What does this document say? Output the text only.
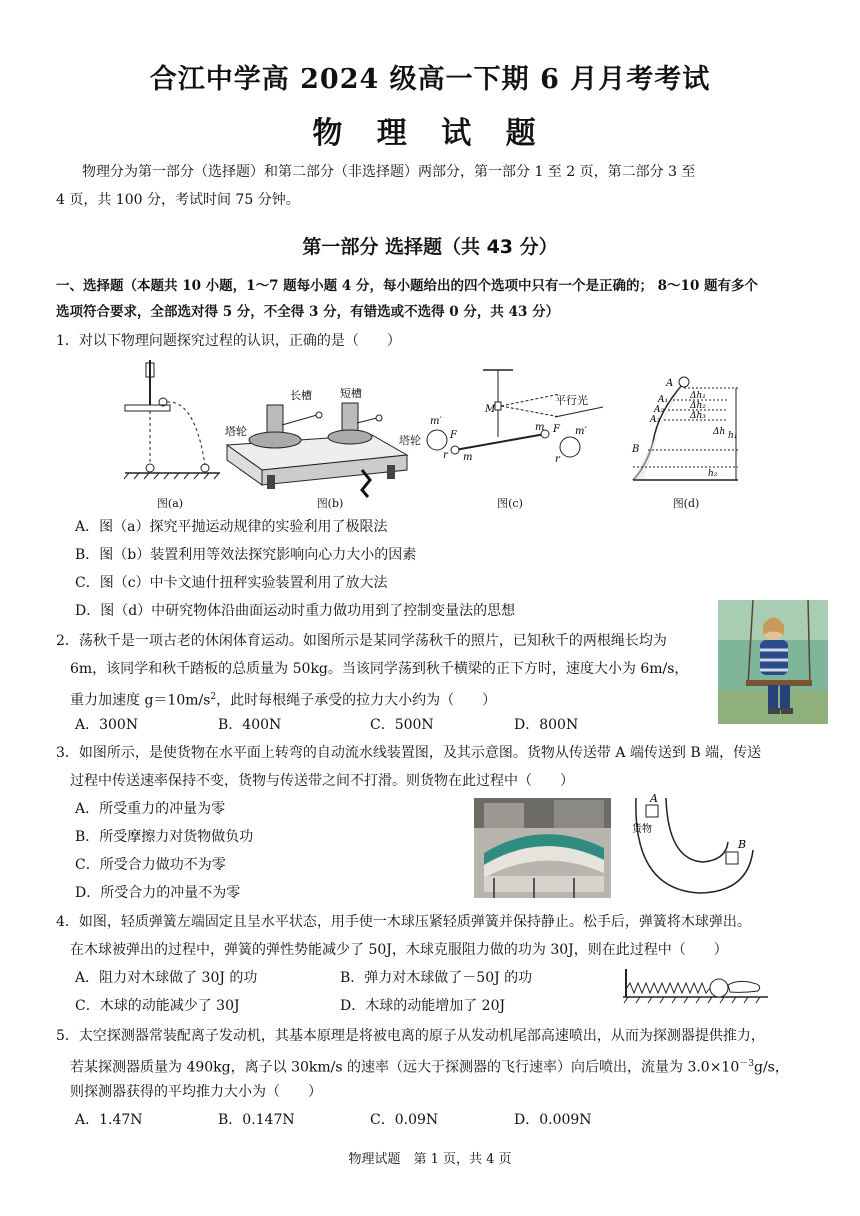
合江中学高 2024 级高一下期 6 月月考考试
物 理 试 题
物理分为第一部分（选择题）和第二部分（非选择题）两部分，第一部分 1 至 2 页，第二部分 3 至
4 页，共 100 分，考试时间 75 分钟。
第一部分 选择题（共 43 分）
一、选择题（本题共 10 小题，1～7 题每小题 4 分，每小题给出的四个选项中只有一个是正确的； 8～10 题有多个
选项符合要求，全部选对得 5 分，不全得 3 分，有错选或不选得 0 分，共 43 分）
1．对以下物理问题探究过程的认识，正确的是（　　）
图(a)
塔轮
长槽	短槽
图(b)
M
m′
F
m
m F m′
r	r
平行光
塔轮
图(c)
A
A₁
A₂
A₃
B
Δh₁
Δh₂
Δh₃
Δh h₁
h₂
图(d)
A．图（a）探究平抛运动规律的实验利用了极限法
B．图（b）装置利用等效法探究影响向心力大小的因素
C．图（c）中卡文迪什扭秤实验装置利用了放大法
D．图（d）中研究物体沿曲面运动时重力做功用到了控制变量法的思想
2．荡秋千是一项古老的休闲体育运动。如图所示是某同学荡秋千的照片，已知秋千的两根绳长均为
6m，该同学和秋千踏板的总质量为 50kg。当该同学荡到秋千横梁的正下方时，速度大小为 6m/s，
重力加速度 $g=10m/s^2$，此时每根绳子承受的拉力大小约为（　　）
A．300N	B．400N	C．500N	D．800N
3．如图所示，是使货物在水平面上转弯的自动流水线装置图，及其示意图。货物从传送带 A 端传送到 B 端，传送
过程中传送速率保持不变，货物与传送带之间不打滑。则货物在此过程中（　　）
A．所受重力的冲量为零
B．所受摩擦力对货物做负功
C．所受合力做功不为零
D．所受合力的冲量不为零
A
B
货物
4．如图，轻质弹簧左端固定且呈水平状态，用手使一木球压紧轻质弹簧并保持静止。松手后，弹簧将木球弹出。
在木球被弹出的过程中，弹簧的弹性势能减少了 50J，木球克服阻力做的功为 30J，则在此过程中（　　）
A．阻力对木球做了 30J 的功	B．弹力对木球做了－50J 的功
C．木球的动能减少了 30J	D．木球的动能增加了 20J
5．太空探测器常装配离子发动机，其基本原理是将被电离的原子从发动机尾部高速喷出，从而为探测器提供推力，
若某探测器质量为 490kg，离子以 30km/s 的速率（远大于探测器的飞行速率）向后喷出，流量为 $3.0\times 10^{-3}g/s$，
则探测器获得的平均推力大小为（　　）
A．1.47N	B．0.147N	C．0.09N	D．0.009N
物理试题　第 1 页，共 4 页
